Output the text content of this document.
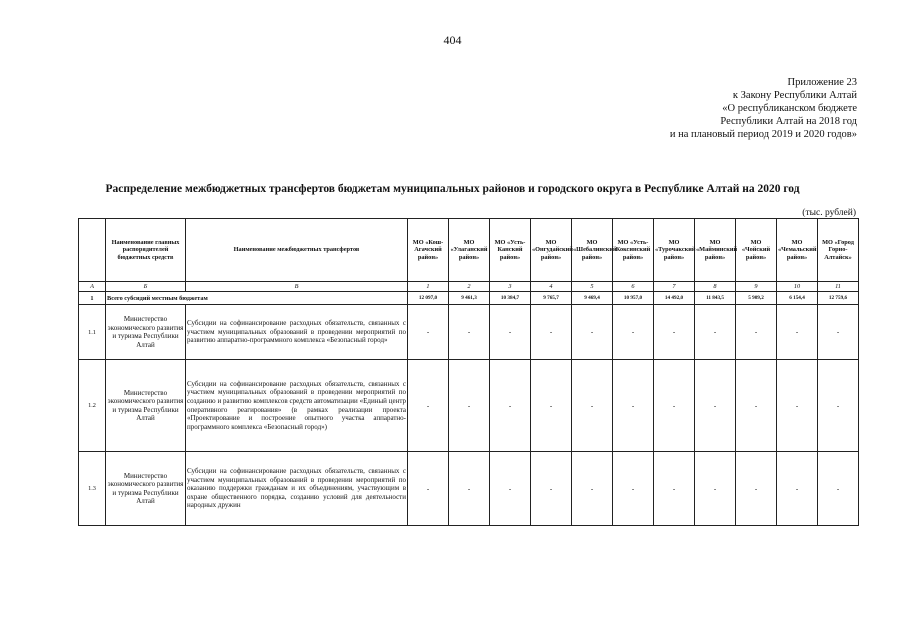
404
Приложение 23
к Закону Республики Алтай
«О республиканском бюджете
Республики Алтай на 2018 год
и на плановый период 2019 и 2020 годов»
Распределение межбюджетных трансфертов бюджетам муниципальных районов и городского округа в Республике Алтай на 2020 год
(тыс. рублей)
	Наименование главных распорядителей бюджетных средств	Наименование межбюджетных трансфертов	МО «Кош-Агачский район»	МО «Улаганский район»	МО «Усть-Канский район»	МО «Онгудайский район»	МО «Шебалинский район»	МО «Усть-Коксинский район»	МО «Турочакский район»	МО «Майминский район»	МО «Чойский район»	МО «Чемальский район»	МО «Город Горно-Алтайск»
А	Б	В	1	2	3	4	5	6	7	8	9	10	11
1	Всего субсидий местным бюджетам		12 097,0	9 461,3	10 384,7	9 765,7	9 469,4	10 957,0	14 492,0	11 843,5	5 909,2	6 154,4	12 759,6
1.1	Министерство экономического развития и туризма Республики Алтай	Субсидии на софинансирование расходных обязательств, связанных с участием муниципальных образований в проведении мероприятий по развитию аппаратно-программного комплекса «Безопасный город»	-	-	-	-	-	-	-	-	-	-	-
1.2	Министерство экономического развития и туризма Республики Алтай	Субсидии на софинансирование расходных обязательств, связанных с участием муниципальных образований в проведении мероприятий по созданию и развитию комплексов средств автоматизации «Единый центр оперативного реагирования» (в рамках реализации проекта «Проектирование и построение опытного участка аппаратно-программного комплекса «Безопасный город»)	-	-	-	-	-	-	-	-	-	-	-
1.3	Министерство экономического развития и туризма Республики Алтай	Субсидии на софинансирование расходных обязательств, связанных с участием муниципальных образований в проведении мероприятий по оказанию поддержки гражданам и их объединениям, участвующим в охране общественного порядка, созданию условий для деятельности народных дружин	-	-	-	-	-	-	-	-	-	-	-
